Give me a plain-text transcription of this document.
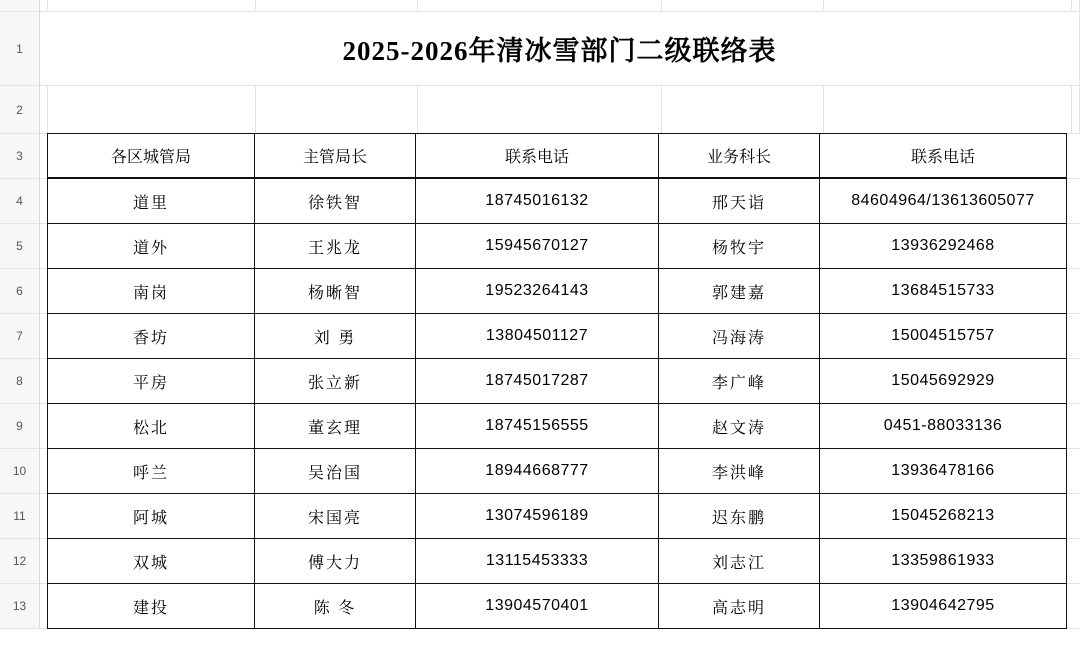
1	2025-2026年清冰雪部门二级联络表
2
3	各区城管局	主管局长	联系电话	业务科长	联系电话
4	道里	徐铁智	18745016132	邢天诣	84604964/13613605077
5	道外	王兆龙	15945670127	杨牧宇	13936292468
6	南岗	杨晰智	19523264143	郭建嘉	13684515733
7	香坊	刘 勇	13804501127	冯海涛	15004515757
8	平房	张立新	18745017287	李广峰	15045692929
9	松北	董玄理	18745156555	赵文涛	0451-88033136
10	呼兰	吴治国	18944668777	李洪峰	13936478166
11	阿城	宋国亮	13074596189	迟东鹏	15045268213
12	双城	傅大力	13115453333	刘志江	13359861933
13	建投	陈 冬	13904570401	高志明	13904642795
